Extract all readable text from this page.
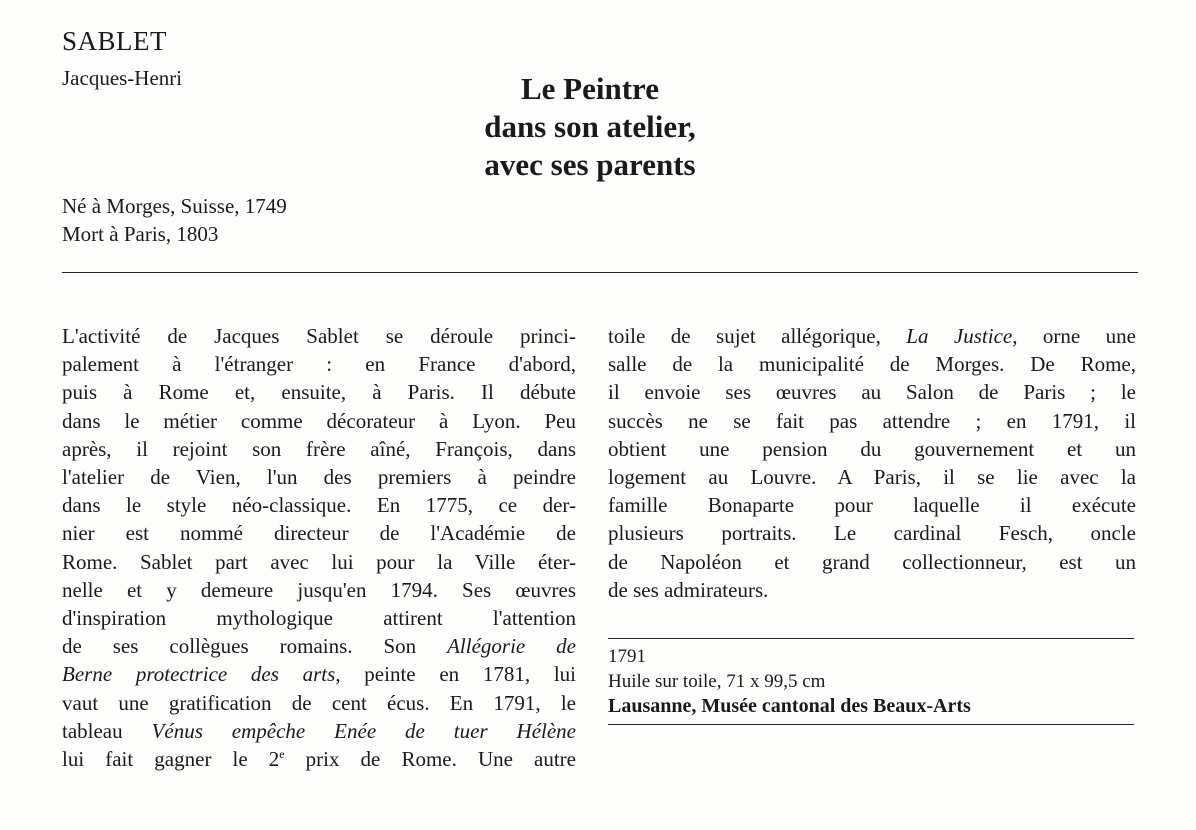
SABLET

Jacques-Henri	Le Peintre
dans son atelier,
avec ses parents

Né à Morges, Suisse, 1749
Mort à Paris, 1803

L'activité de Jacques Sablet se déroule princi-
palement à l'étranger : en France d'abord,
puis à Rome et, ensuite, à Paris. Il débute
dans le métier comme décorateur à Lyon. Peu
après, il rejoint son frère aîné, François, dans
l'atelier de Vien, l'un des premiers à peindre
dans le style néo-classique. En 1775, ce der-
nier est nommé directeur de l'Académie de
Rome. Sablet part avec lui pour la Ville éter-
nelle et y demeure jusqu'en 1794. Ses œuvres
d'inspiration mythologique attirent l'attention
de ses collègues romains. Son Allégorie de
Berne protectrice des arts, peinte en 1781, lui
vaut une gratification de cent écus. En 1791, le
tableau Vénus empêche Enée de tuer Hélène
lui fait gagner le 2e prix de Rome. Une autre
toile de sujet allégorique, La Justice, orne une
salle de la municipalité de Morges. De Rome,
il envoie ses œuvres au Salon de Paris ; le
succès ne se fait pas attendre ; en 1791, il
obtient une pension du gouvernement et un
logement au Louvre. A Paris, il se lie avec la
famille Bonaparte pour laquelle il exécute
plusieurs portraits. Le cardinal Fesch, oncle
de Napoléon et grand collectionneur, est un
de ses admirateurs.

1791
Huile sur toile, 71 x 99,5 cm
Lausanne, Musée cantonal des Beaux-Arts
